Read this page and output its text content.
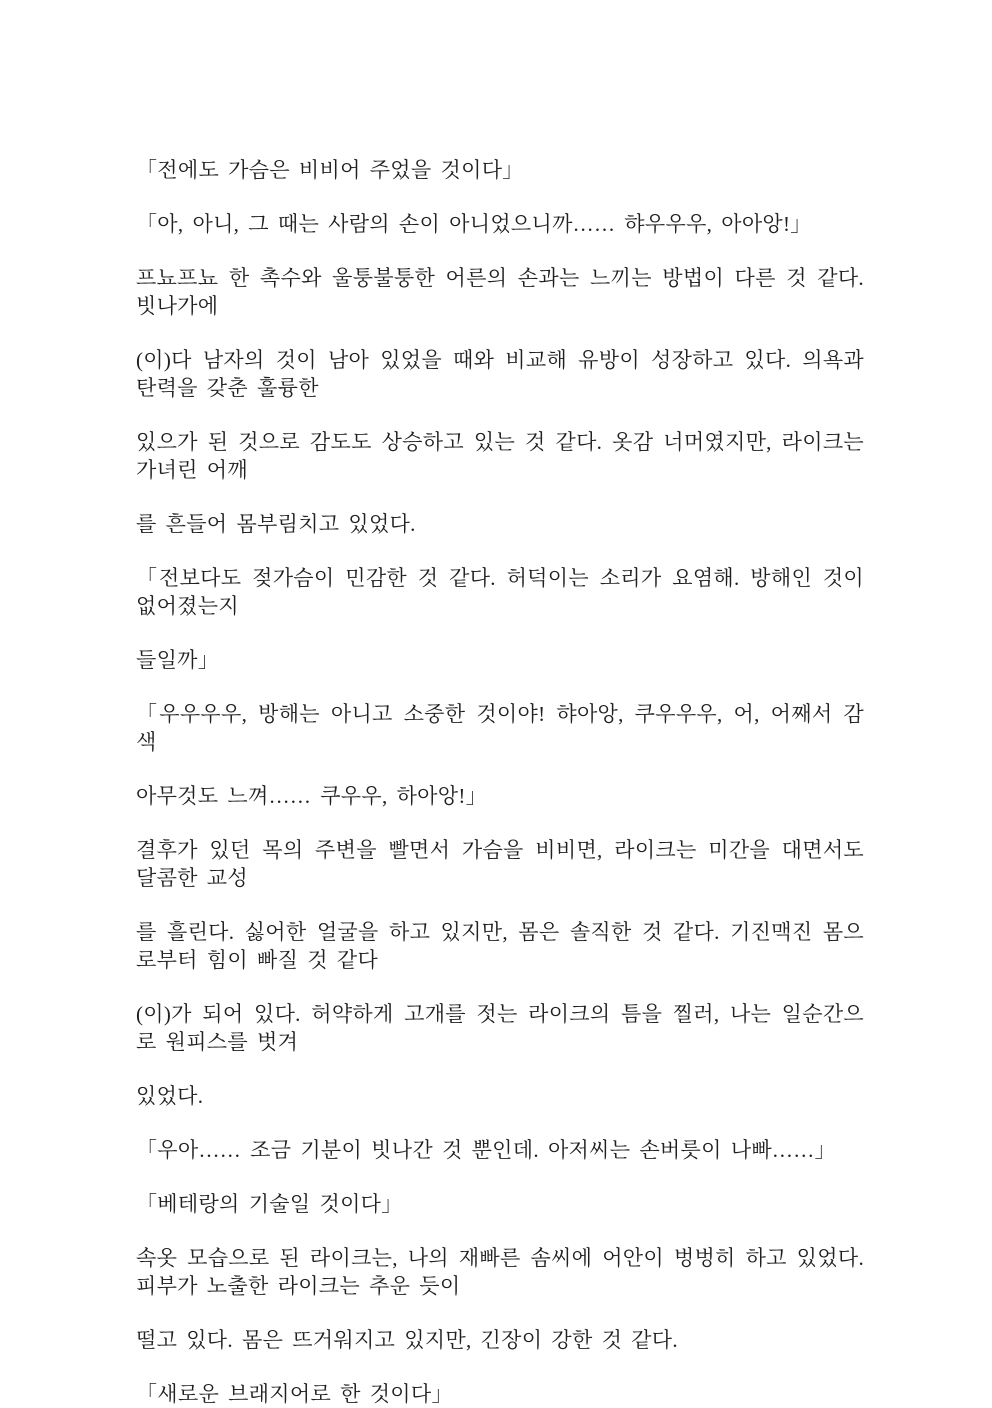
「전에도 가슴은 비비어 주었을 것이다」

「아, 아니, 그 때는 사람의 손이 아니었으니까…… 햐우우우, 아아앙!」

프뇨프뇨 한 촉수와 울퉁불퉁한 어른의 손과는 느끼는 방법이 다른 것 같다. 빗나가에

(이)다 남자의 것이 남아 있었을 때와 비교해 유방이 성장하고 있다. 의욕과 탄력을 갖춘 훌륭한

있으가 된 것으로 감도도 상승하고 있는 것 같다. 옷감 너머였지만, 라이크는 가녀린 어깨

를 흔들어 몸부림치고 있었다.

「전보다도 젖가슴이 민감한 것 같다. 허덕이는 소리가 요염해. 방해인 것이 없어졌는지

들일까」

「우우우우, 방해는 아니고 소중한 것이야! 햐아앙, 쿠우우우, 어, 어째서 감색

아무것도 느껴…… 쿠우우, 하아앙!」

결후가 있던 목의 주변을 빨면서 가슴을 비비면, 라이크는 미간을 대면서도 달콤한 교성

를 흘린다. 싫어한 얼굴을 하고 있지만, 몸은 솔직한 것 같다. 기진맥진 몸으로부터 힘이 빠질 것 같다

(이)가 되어 있다. 허약하게 고개를 젓는 라이크의 틈을 찔러, 나는 일순간으로 원피스를 벗겨

있었다.

「우아…… 조금 기분이 빗나간 것 뿐인데. 아저씨는 손버릇이 나빠……」

「베테랑의 기술일 것이다」

속옷 모습으로 된 라이크는, 나의 재빠른 솜씨에 어안이 벙벙히 하고 있었다. 피부가 노출한 라이크는 추운 듯이

떨고 있다. 몸은 뜨거워지고 있지만, 긴장이 강한 것 같다.

「새로운 브래지어로 한 것이다」
